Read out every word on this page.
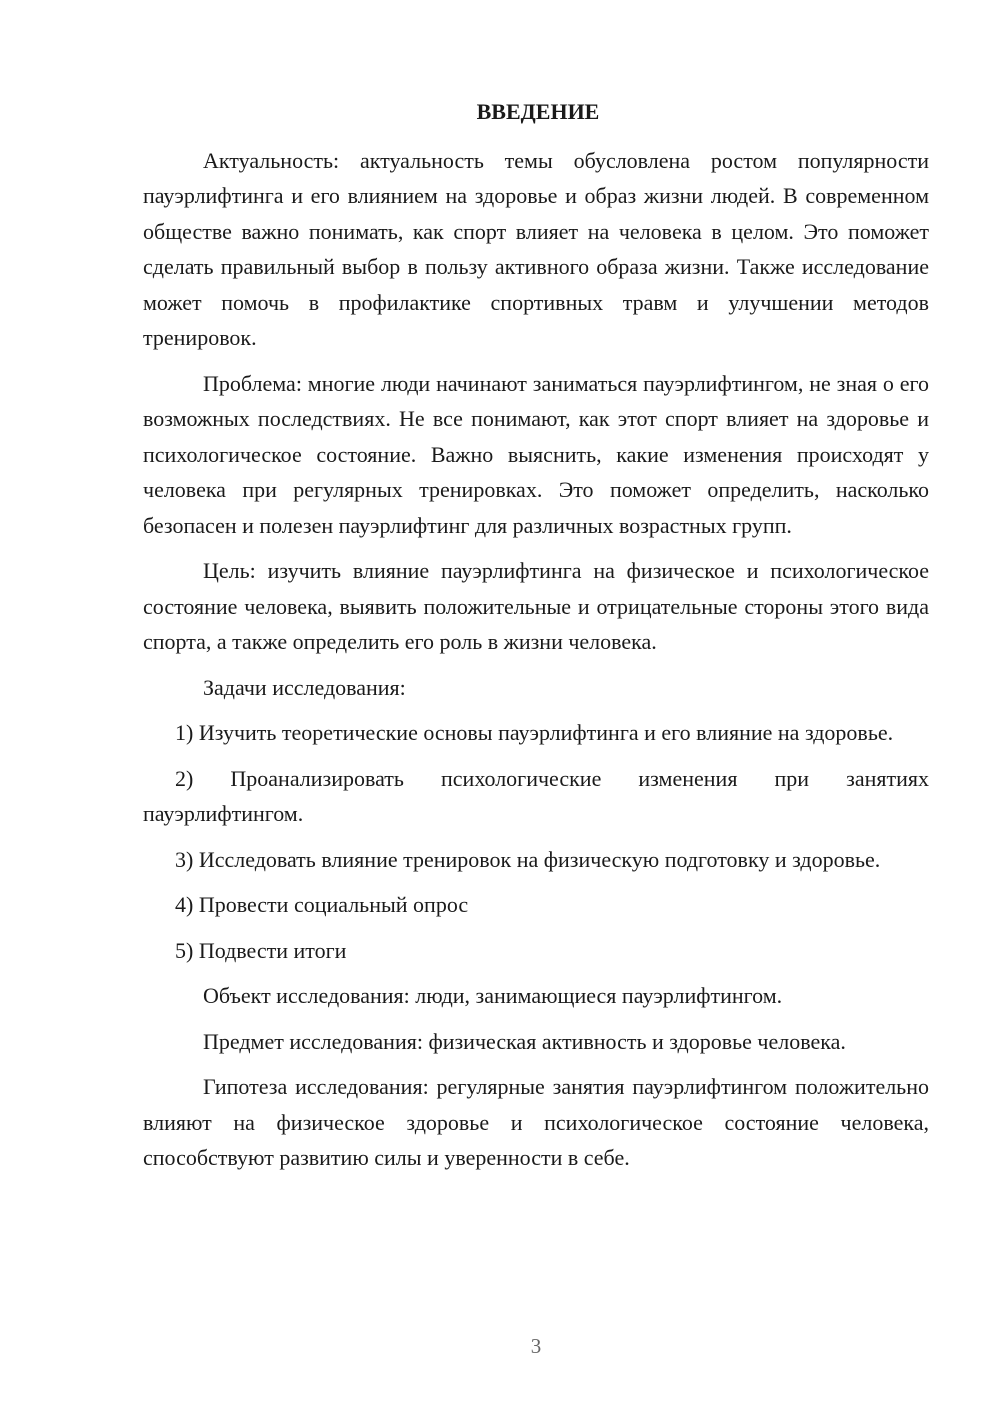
ВВЕДЕНИЕ

Актуальность: актуальность темы обусловлена ростом популярности пауэрлифтинга и его влиянием на здоровье и образ жизни людей. В современном обществе важно понимать, как спорт влияет на человека в целом. Это поможет сделать правильный выбор в пользу активного образа жизни. Также исследование может помочь в профилактике спортивных травм и улучшении методов тренировок.

Проблема: многие люди начинают заниматься пауэрлифтингом, не зная о его возможных последствиях. Не все понимают, как этот спорт влияет на здоровье и психологическое состояние. Важно выяснить, какие изменения происходят у человека при регулярных тренировках. Это поможет определить, насколько безопасен и полезен пауэрлифтинг для различных возрастных групп.

Цель: изучить влияние пауэрлифтинга на физическое и психологическое состояние человека, выявить положительные и отрицательные стороны этого вида спорта, а также определить его роль в жизни человека.

Задачи исследования:

1) Изучить теоретические основы пауэрлифтинга и его влияние на здоровье.

2) Проанализировать психологические изменения при занятиях пауэрлифтингом.

3) Исследовать влияние тренировок на физическую подготовку и здоровье.

4) Провести социальный опрос

5) Подвести итоги

Объект исследования: люди, занимающиеся пауэрлифтингом.

Предмет исследования: физическая активность и здоровье человека.

Гипотеза исследования: регулярные занятия пауэрлифтингом положительно влияют на физическое здоровье и психологическое состояние человека, способствуют развитию силы и уверенности в себе.

3
